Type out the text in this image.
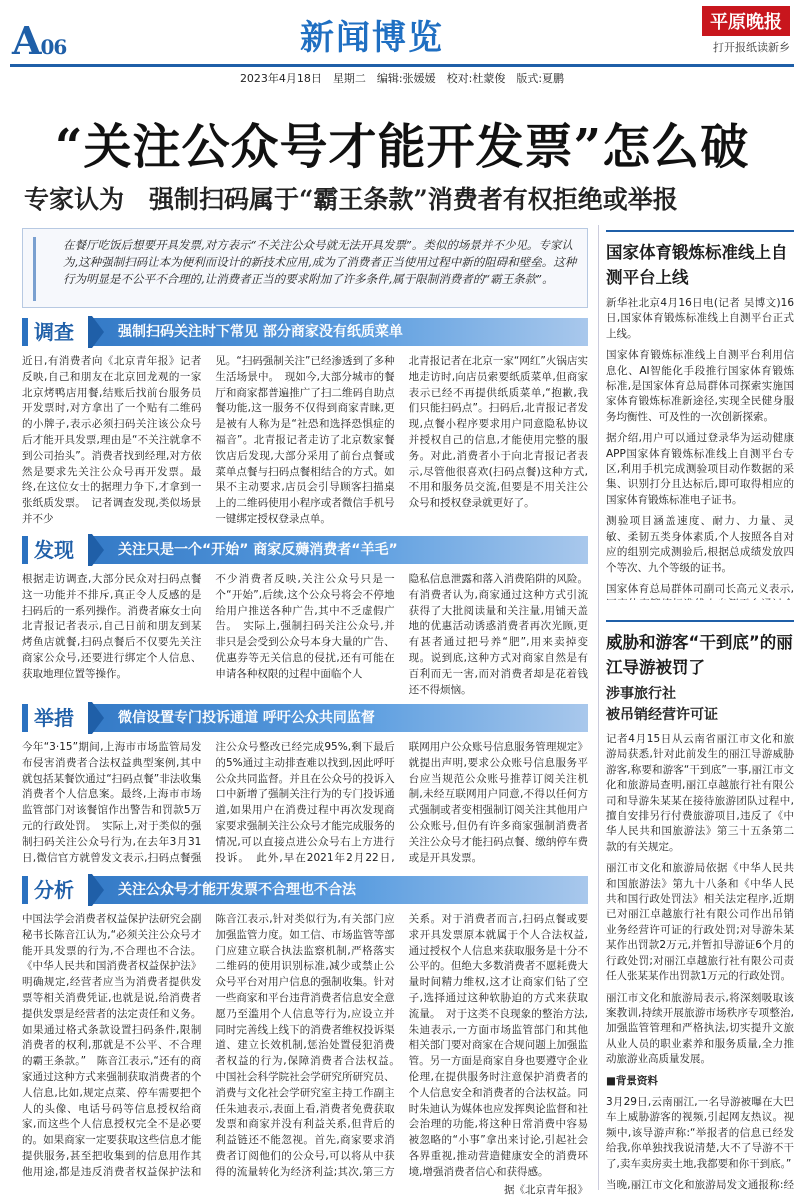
A06	新闻博览	平原晚报
打开报纸读新乡
2023年4月18日　星期二　编辑:张媛媛　校对:杜蒙俊　版式:夏鹏
“关注公众号才能开发票”怎么破
专家认为　强制扫码属于“霸王条款”消费者有权拒绝或举报
在餐厅吃饭后想要开具发票,对方表示“不关注公众号就无法开具发票”。类似的场景并不少见。专家认为,这种强制扫码让本为便利而设计的新技术应用,成为了消费者正当使用过程中新的阻碍和壁垒。这种行为明显是不公平不合理的,让消费者正当的要求附加了许多条件,属于限制消费者的“霸王条款”。
调查	强制扫码关注时下常见 部分商家没有纸质菜单

近日,有消费者向《北京青年报》记者反映,自己和朋友在北京回龙观的一家北京烤鸭店用餐,结账后找前台服务员开发票时,对方拿出了一个贴有二维码的小牌子,表示必须扫码关注该公众号后才能开具发票,理由是“不关注就拿不到公司抬头”。消费者找到经理,对方依然是要求先关注公众号再开发票。最终,在这位女士的据理力争下,才拿到一张纸质发票。　记者调查发现,类似场景并不少

见。“扫码强制关注”已经渗透到了多种生活场景中。　现如今,大部分城市的餐厅和商家都普遍推广了扫二维码自助点餐功能,这一服务不仅得到商家青睐,更是被有人称为是“社恐和选择恐惧症的福音”。北青报记者走访了北京数家餐饮店后发现,大部分采用了前台点餐或菜单点餐与扫码点餐相结合的方式。如果不主动要求,店员会引导顾客扫描桌上的二维码使用小程序或者微信手机号一键绑定授权登录点单。

北青报记者在北京一家“网红”火锅店实地走访时,向店员索要纸质菜单,但商家表示已经不再提供纸质菜单,“抱歉,我们只能扫码点”。扫码后,北青报记者发现,点餐小程序要求用户同意隐私协议并授权自己的信息,才能使用完整的服务。对此,消费者小于向北青报记者表示,尽管他很喜欢(扫码点餐)这种方式,不用和服务员交流,但要是不用关注公众号和授权登录就更好了。

发现	关注只是一个“开始” 商家反薅消费者“羊毛”

根据走访调查,大部分民众对扫码点餐这一功能并不排斥,真正令人反感的是扫码后的一系列操作。消费者麻女士向北青报记者表示,自己日前和朋友到某烤鱼店就餐,扫码点餐后不仅要先关注商家公众号,还要进行绑定个人信息、获取地理位置等操作。

不少消费者反映,关注公众号只是一个“开始”,后续,这个公众号将会不停地给用户推送各种广告,其中不乏虚假广告。　实际上,强制扫码关注公众号,并非只是会受到公众号本身大量的广告、优惠券等无关信息的侵扰,还有可能在申请各种权限的过程中面临个人

隐私信息泄露和落入消费陷阱的风险。有消费者认为,商家通过这种方式引流获得了大批阅读量和关注量,用铺天盖地的优惠活动诱惑消费者再次光顾,更有甚者通过把号养“肥”,用来卖掉变现。说到底,这种方式对商家自然是有百利而无一害,而对消费者却是花着钱还不得烦恼。

举措	微信设置专门投诉通道 呼吁公众共同监督

今年“3·15”期间,上海市市场监管局发布侵害消费者合法权益典型案例,其中就包括某餐饮通过“扫码点餐”非法收集消费者个人信息案。最终,上海市市场监管部门对该餐馆作出警告和罚款5万元的行政处罚。　实际上,对于类似的强制扫码关注公众号行为,在去年3月31日,微信官方就曾发文表示,扫码点餐强

注公众号整改已经完成95%,剩下最后的5%通过主动排查难以找到,因此呼吁公众共同监督。并且在公众号的投诉入口中新增了强制关注行为的专门投诉通道,如果用户在消费过程中再次发现商家要求强制关注公众号才能完成服务的情况,可以直接点进公众号右上方进行投诉。　此外,早在2021年2月22日,

联网用户公众账号信息服务管理规定》就提出声明,要求公众账号信息服务平台应当规范公众账号推荐订阅关注机制,未经互联网用户同意,不得以任何方式强制或者变相强制订阅关注其他用户公众账号,但仍有许多商家强制消费者关注公众号才能扫码点餐、缴纳停车费或是开具发票。

分析	关注公众号才能开发票不合理也不合法

中国法学会消费者权益保护法研究会副秘书长陈音江认为,“必须关注公众号才能开具发票的行为,不合理也不合法。《中华人民共和国消费者权益保护法》明确规定,经营者应当为消费者提供发票等相关消费凭证,也就是说,给消费者提供发票是经营者的法定责任和义务。如果通过格式条款设置扫码条件,限制消费者的权利,那就是不公平、不合理的霸王条款。”　陈音江表示,“还有的商家通过这种方式来强制获取消费者的个人信息,比如,规定点菜、停车需要把个人的头像、电话号码等信息授权给商家,而这些个人信息授权完全不是必要的。如果商家一定要获取这些信息才能提供服务,甚至把收集到的信息用作其他用途,都是违反消费者权益保护法和

陈音江表示,针对类似行为,有关部门应加强监管力度。如工信、市场监管等部门应建立联合执法监察机制,严格落实二维码的使用识别标准,减少或禁止公众号平台对用户信息的强制收集。针对一些商家和平台违背消费者信息安全意愿乃至滥用个人信息等行为,应设立并同时完善线上线下的消费者维权投诉渠道、建立长效机制,惩治处置侵犯消费者权益的行为,保障消费者合法权益。　中国社会科学院社会学研究所研究员、消费与文化社会学研究室主持工作副主任朱迪表示,表面上看,消费者免费获取发票和商家并没有利益关系,但背后的利益链还不能忽视。首先,商家要求消费者订阅他们的公众号,可以将从中获得的流量转化为经济利益;其次,第三方

关系。对于消费者而言,扫码点餐或要求开具发票原本就属于个人合法权益,通过授权个人信息来获取服务是十分不公平的。但绝大多数消费者不愿耗费大量时间精力维权,这才让商家们钻了空子,选择通过这种软胁迫的方式来获取流量。　对于这类不良现象的整治方法,朱迪表示,一方面市场监管部门和其他相关部门要对商家在合规问题上加强监管。另一方面是商家自身也要遵守企业伦理,在提供服务时注意保护消费者的个人信息安全和消费者的合法权益。同时朱迪认为媒体也应发挥舆论监督和社会治理的功能,将这种日常消费中容易被忽略的“小事”拿出来讨论,引起社会各界重视,推动营造健康安全的消费环境,增强消费者信心和获得感。

据《北京青年报》
国家体育锻炼标准线上自测平台上线

新华社北京4月16日电(记者 吴博文)16日,国家体育锻炼标准线上自测平台正式上线。

国家体育锻炼标准线上自测平台利用信息化、AI智能化手段推行国家体育锻炼标准,是国家体育总局群体司探索实施国家体育锻炼标准新途径,实现全民健身服务均衡性、可及性的一次创新探索。

据介绍,用户可以通过登录华为运动健康APP国家体育锻炼标准线上自测平台专区,利用手机完成测验项目动作数据的采集、识别打分且达标后,即可取得相应的国家体育锻炼标准电子证书。

测验项目涵盖速度、耐力、力量、灵敏、柔韧五类身体素质,个人按照各自对应的组别完成测验后,根据总成绩发放四个等次、九个等级的证书。

国家体育总局群体司副司长高元义表示,

威胁和游客“干到底”的丽江导游被罚了
涉事旅行社
被吊销经营许可证

记者4月15日从云南省丽江市文化和旅游局获悉,针对此前发生的丽江导游威胁游客,称要和游客“干到底”一事,丽江市文化和旅游局查明,丽江卓越旅行社有限公司和导游朱某某在接待旅游团队过程中,擅自安排另行付费旅游项目,违反了《中华人民共和国旅游法》第三十五条第二款的有关规定。

丽江市文化和旅游局依据《中华人民共和国旅游法》第九十八条和《中华人民共和国行政处罚法》相关法定程序,近期已对丽江卓越旅行社有限公司作出吊销业务经营许可证的行政处罚;对导游朱某某作出罚款2万元,并暂扣导游证6个月的行政处罚;对丽江卓越旅行社有限公司责任人张某某作出罚款1万元的行政处罚。

丽江市文化和旅游局表示,将深刻吸取该案教训,持续开展旅游市场秩序专项整治,加强监管管理和严格执法,切实提升文旅从业人员的职业素养和服务质量,全力推动旅游业高质量发展。

■背景资料

3月29日,云南丽江,一名导游被曝在大巴车上威胁游客的视频,引起网友热议。视频中,该导游声称:“举报者的信息已经发给我,你单独找我说清楚,大不了导游不干了,卖车卖房卖土地,我都要和你干到底。”

当晚,丽江市文化和旅游局发文通报称:经
